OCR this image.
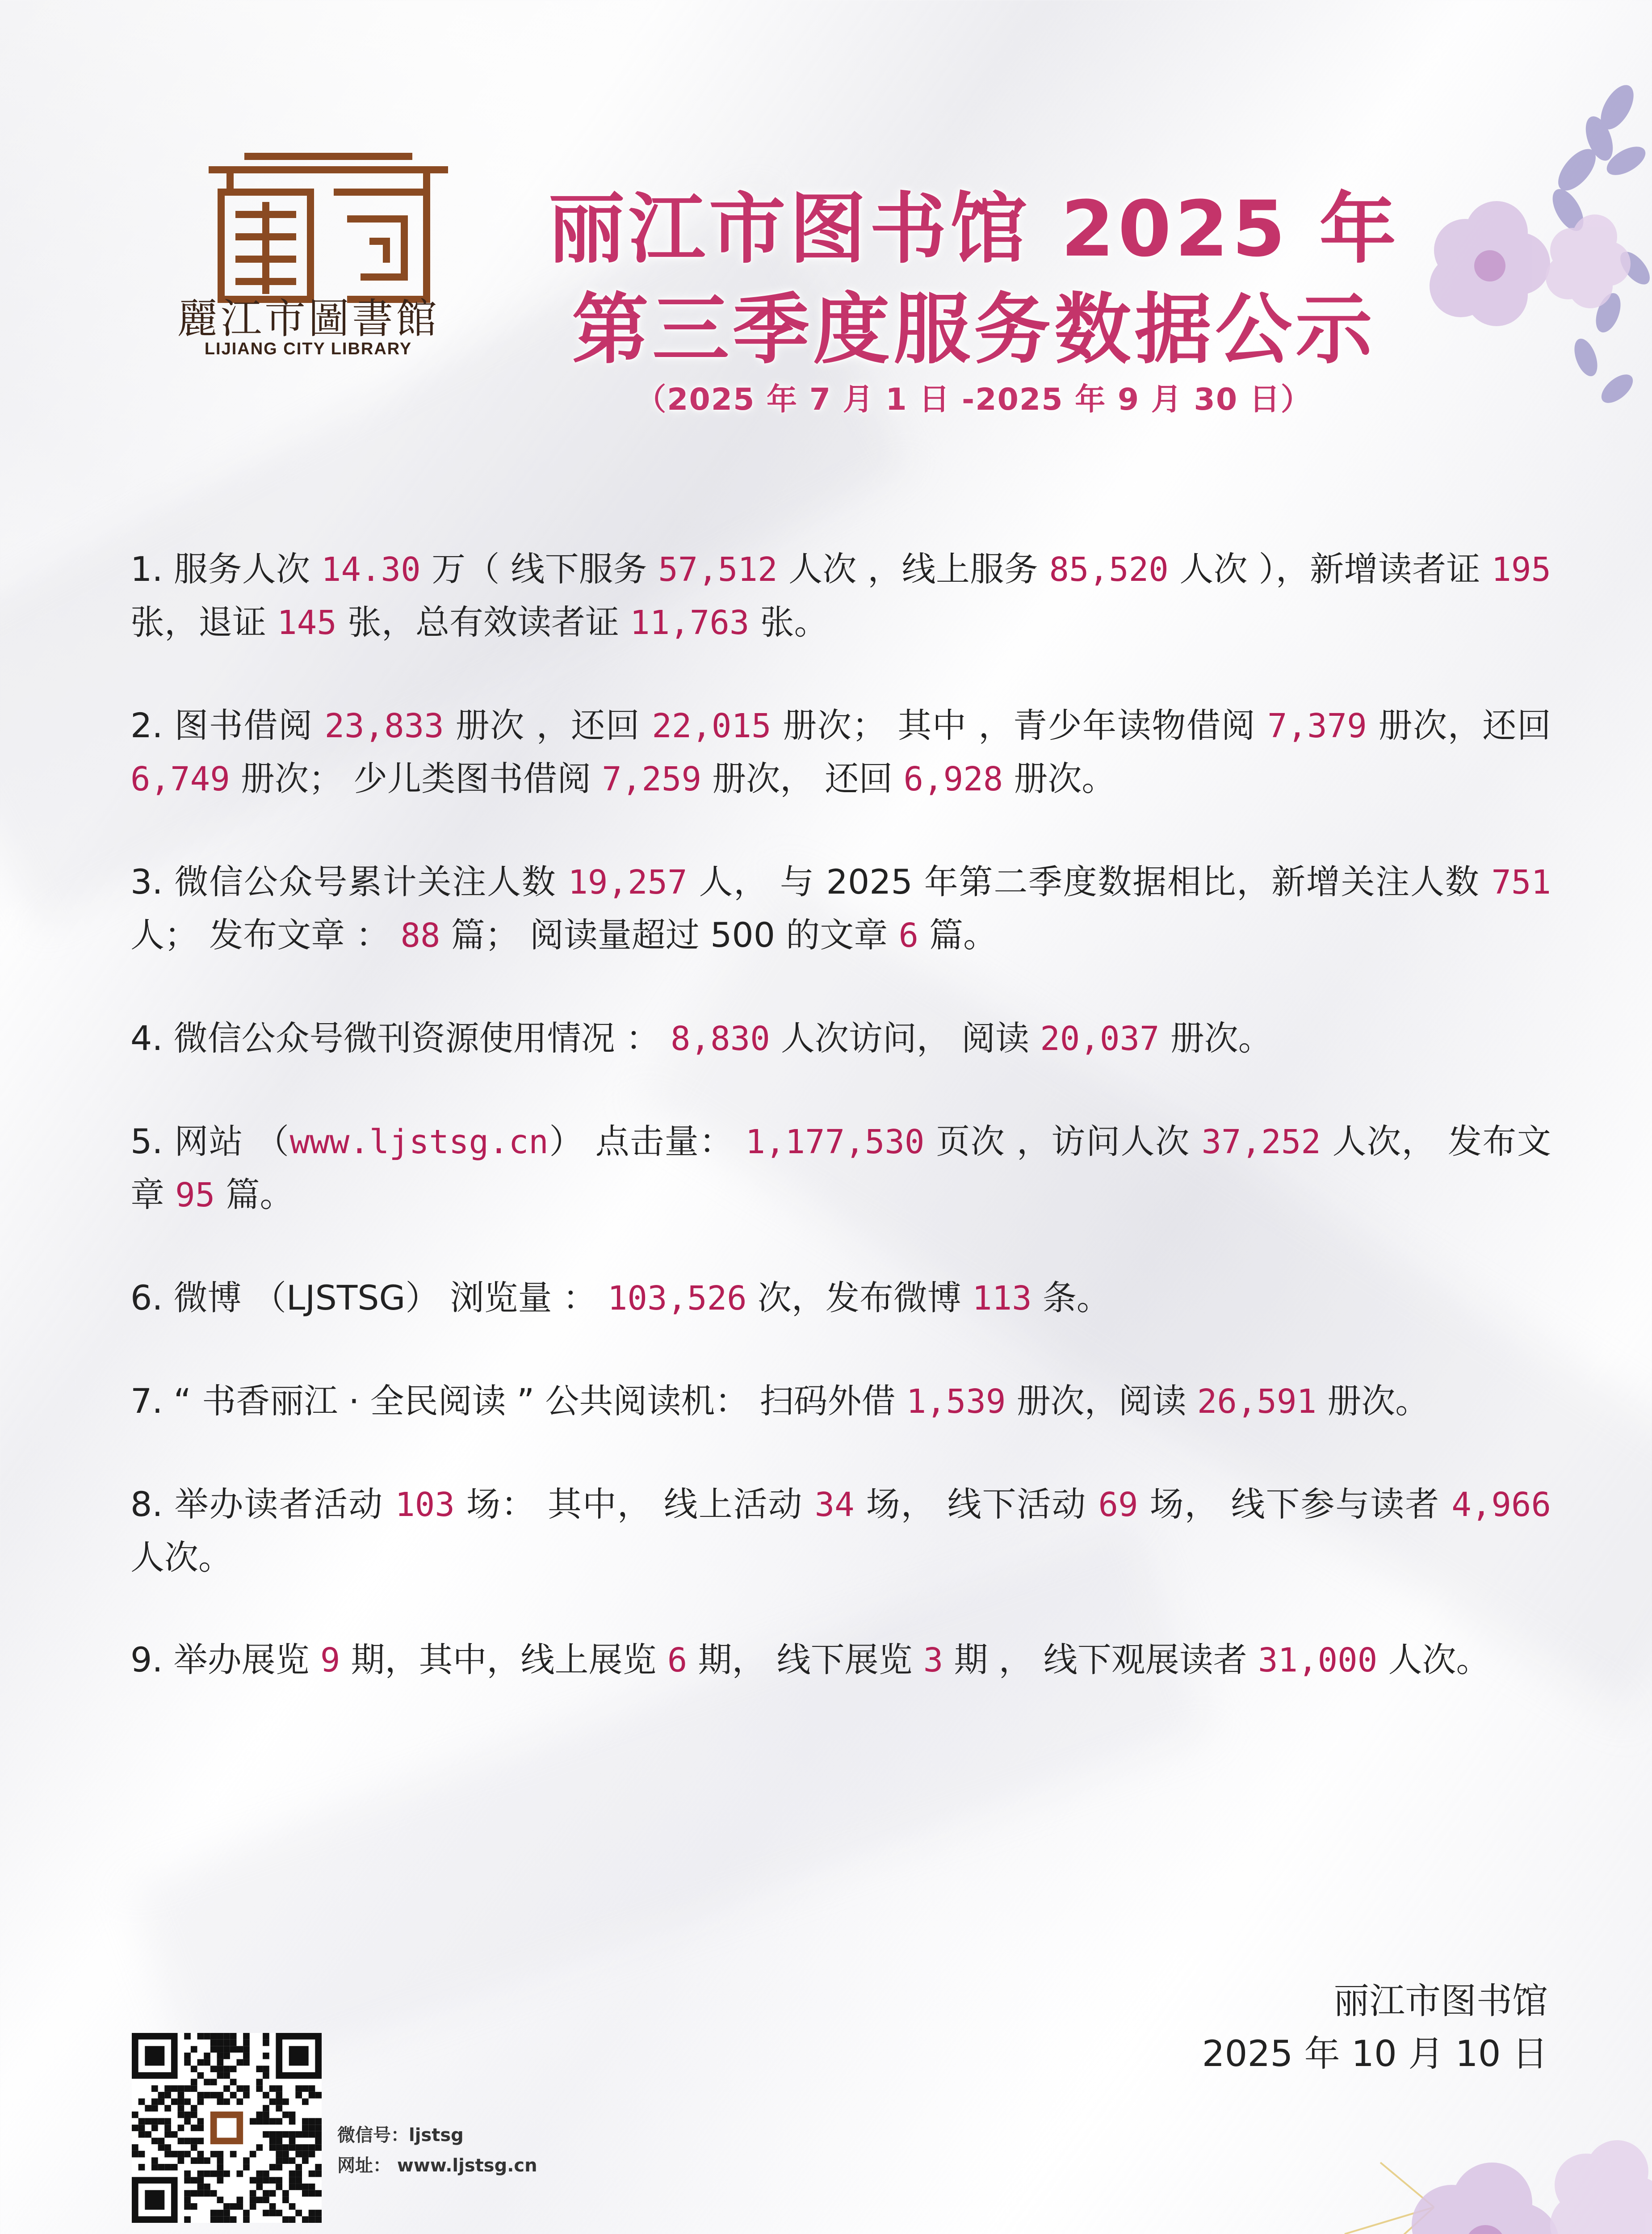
麗江市圖書館
LIJIANG CITY LIBRARY
丽江市图书馆 2025 年
第三季度服务数据公示
（2025 年 7 月 1 日 -2025 年 9 月 30 日）
1. 服务人次 14.30 万（ 线下服务 57,512 人次 ，线上服务 85,520 人次 ），新增读者证 195 张，退证 145 张，总有效读者证 11,763 张。
2. 图书借阅 23,833 册次 ，还回 22,015 册次； 其中 ，青少年读物借阅 7,379 册次，还回 6,749 册次； 少儿类图书借阅 7,259 册次， 还回 6,928 册次。
3. 微信公众号累计关注人数 19,257 人， 与 2025 年第二季度数据相比，新增关注人数 751 人； 发布文章 ： 88 篇； 阅读量超过 500 的文章 6 篇。
4. 微信公众号微刊资源使用情况 ： 8,830 人次访问， 阅读 20,037 册次。
5. 网站 （www.ljstsg.cn） 点击量： 1,177,530 页次 ，访问人次 37,252 人次， 发布文章 95 篇。
6. 微博 （LJSTSG） 浏览量 ： 103,526 次，发布微博 113 条。
7. “ 书香丽江 · 全民阅读 ” 公共阅读机： 扫码外借 1,539 册次，阅读 26,591 册次。
8. 举办读者活动 103 场： 其中， 线上活动 34 场， 线下活动 69 场， 线下参与读者 4,966 人次。
9. 举办展览 9 期，其中，线上展览 6 期， 线下展览 3 期 ， 线下观展读者 31,000 人次。
丽江市图书馆
2025 年 10 月 10 日
微信号：ljstsg
网址： www.ljstsg.cn
